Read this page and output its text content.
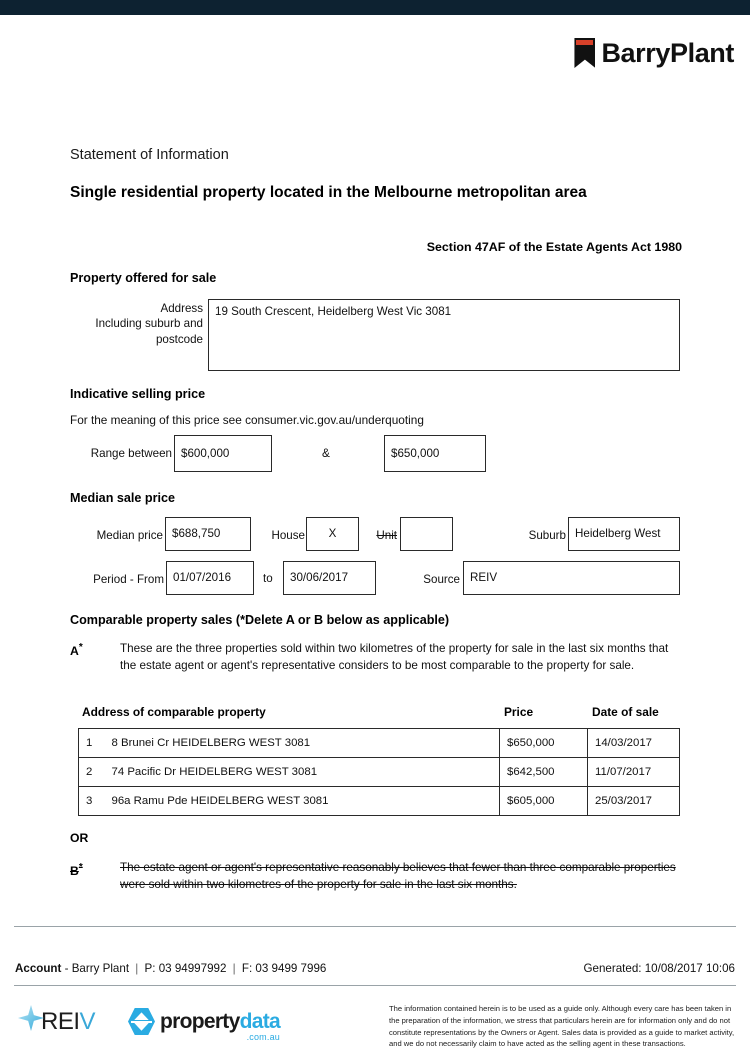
BarryPlant
Statement of Information
Single residential property located in the Melbourne metropolitan area
Section 47AF of the Estate Agents Act 1980
Property offered for sale
Address
Including suburb and
postcode
19 South Crescent, Heidelberg West Vic 3081
Indicative selling price
For the meaning of this price see consumer.vic.gov.au/underquoting
Range between $600,000	&	$650,000
Median sale price
Median price $688,750	House	X	Unit	Suburb Heidelberg West
Period - From 01/07/2016	to	30/06/2017	Source REIV
Comparable property sales (*Delete A or B below as applicable)
A*	These are the three properties sold within two kilometres of the property for sale in the last six months that the estate agent or agent's representative considers to be most comparable to the property for sale.
Address of comparable property	Price	Date of sale
1	8 Brunei Cr HEIDELBERG WEST 3081	$650,000	14/03/2017
2	74 Pacific Dr HEIDELBERG WEST 3081	$642,500	11/07/2017
3	96a Ramu Pde HEIDELBERG WEST 3081	$605,000	25/03/2017
OR
B*	The estate agent or agent's representative reasonably believes that fewer than three comparable properties were sold within two kilometres of the property for sale in the last six months.
Account - Barry Plant | P: 03 94997992 | F: 03 9499 7996	Generated: 10/08/2017 10:06
REIV	propertydata
.com.au
The information contained herein is to be used as a guide only. Although every care has been taken in the preparation of the information, we stress that particulars herein are for information only and do not constitute representations by the Owners or Agent. Sales data is provided as a guide to market activity, and we do not necessarily claim to have acted as the selling agent in these transactions.
